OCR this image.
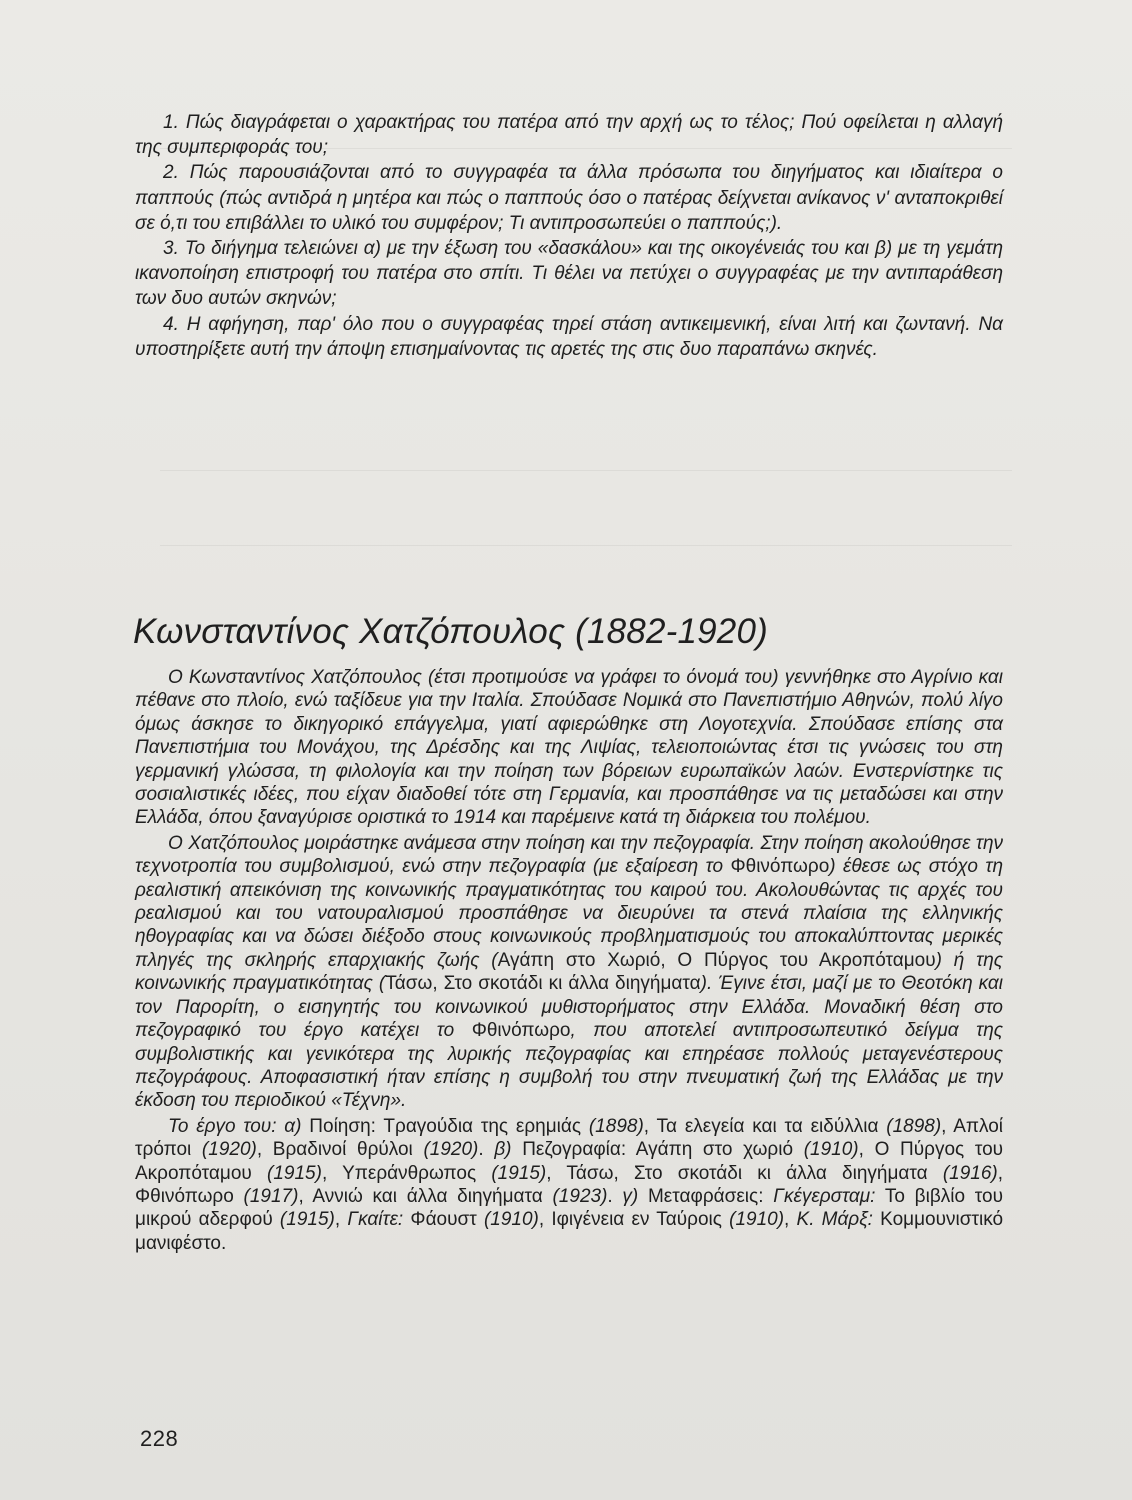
1. Πώς διαγράφεται ο χαρακτήρας του πατέρα από την αρχή ως το τέλος; Πού οφείλεται η αλλαγή της συμπεριφοράς του;

2. Πώς παρουσιάζονται από το συγγραφέα τα άλλα πρόσωπα του διηγήματος και ιδιαίτερα ο παππούς (πώς αντιδρά η μητέρα και πώς ο παππούς όσο ο πατέρας δείχνεται ανίκανος ν' ανταποκριθεί σε ό,τι του επιβάλλει το υλικό του συμφέρον; Τι αντιπροσωπεύει ο παππούς;).

3. Το διήγημα τελειώνει α) με την έξωση του «δασκάλου» και της οικογένειάς του και β) με τη γεμάτη ικανοποίηση επιστροφή του πατέρα στο σπίτι. Τι θέλει να πετύχει ο συγγραφέας με την αντιπαράθεση των δυο αυτών σκηνών;

4. Η αφήγηση, παρ' όλο που ο συγγραφέας τηρεί στάση αντικειμενική, είναι λιτή και ζωντανή. Να υποστηρίξετε αυτή την άποψη επισημαίνοντας τις αρετές της στις δυο παραπάνω σκηνές.

Κωνσταντίνος Χατζόπουλος (1882-1920)

Ο Κωνσταντίνος Χατζόπουλος (έτσι προτιμούσε να γράφει το όνομά του) γεννήθηκε στο Αγρίνιο και πέθανε στο πλοίο, ενώ ταξίδευε για την Ιταλία. Σπούδασε Νομικά στο Πανεπιστήμιο Αθηνών, πολύ λίγο όμως άσκησε το δικηγορικό επάγγελμα, γιατί αφιερώθηκε στη Λογοτεχνία. Σπούδασε επίσης στα Πανεπιστήμια του Μονάχου, της Δρέσδης και της Λιψίας, τελειοποιώντας έτσι τις γνώσεις του στη γερμανική γλώσσα, τη φιλολογία και την ποίηση των βόρειων ευρωπαϊκών λαών. Ενστερνίστηκε τις σοσιαλιστικές ιδέες, που είχαν διαδοθεί τότε στη Γερμανία, και προσπάθησε να τις μεταδώσει και στην Ελλάδα, όπου ξαναγύρισε οριστικά το 1914 και παρέμεινε κατά τη διάρκεια του πολέμου.

Ο Χατζόπουλος μοιράστηκε ανάμεσα στην ποίηση και την πεζογραφία. Στην ποίηση ακολούθησε την τεχνοτροπία του συμβολισμού, ενώ στην πεζογραφία (με εξαίρεση το Φθινόπωρο) έθεσε ως στόχο τη ρεαλιστική απεικόνιση της κοινωνικής πραγματικότητας του καιρού του. Ακολουθώντας τις αρχές του ρεαλισμού και του νατουραλισμού προσπάθησε να διευρύνει τα στενά πλαίσια της ελληνικής ηθογραφίας και να δώσει διέξοδο στους κοινωνικούς προβληματισμούς του αποκαλύπτοντας μερικές πληγές της σκληρής επαρχιακής ζωής (Αγάπη στο Χωριό, Ο Πύργος του Ακροπόταμου) ή της κοινωνικής πραγματικότητας (Τάσω, Στο σκοτάδι κι άλλα διηγήματα). Έγινε έτσι, μαζί με το Θεοτόκη και τον Παρορίτη, ο εισηγητής του κοινωνικού μυθιστορήματος στην Ελλάδα. Μοναδική θέση στο πεζογραφικό του έργο κατέχει το Φθινόπωρο, που αποτελεί αντιπροσωπευτικό δείγμα της συμβολιστικής και γενικότερα της λυρικής πεζογραφίας και επηρέασε πολλούς μεταγενέστερους πεζογράφους. Αποφασιστική ήταν επίσης η συμβολή του στην πνευματική ζωή της Ελλάδας με την έκδοση του περιοδικού «Τέχνη».

Το έργο του: α) Ποίηση: Τραγούδια της ερημιάς (1898), Τα ελεγεία και τα ειδύλλια (1898), Απλοί τρόποι (1920), Βραδινοί θρύλοι (1920). β) Πεζογραφία: Αγάπη στο χωριό (1910), Ο Πύργος του Ακροπόταμου (1915), Υπεράνθρωπος (1915), Τάσω, Στο σκοτάδι κι άλλα διηγήματα (1916), Φθινόπωρο (1917), Αννιώ και άλλα διηγήματα (1923). γ) Μεταφράσεις: Γκέγερσταμ: Το βιβλίο του μικρού αδερφού (1915), Γκαίτε: Φάουστ (1910), Ιφιγένεια εν Ταύροις (1910), Κ. Μάρξ: Κομμουνιστικό μανιφέστο.

228
